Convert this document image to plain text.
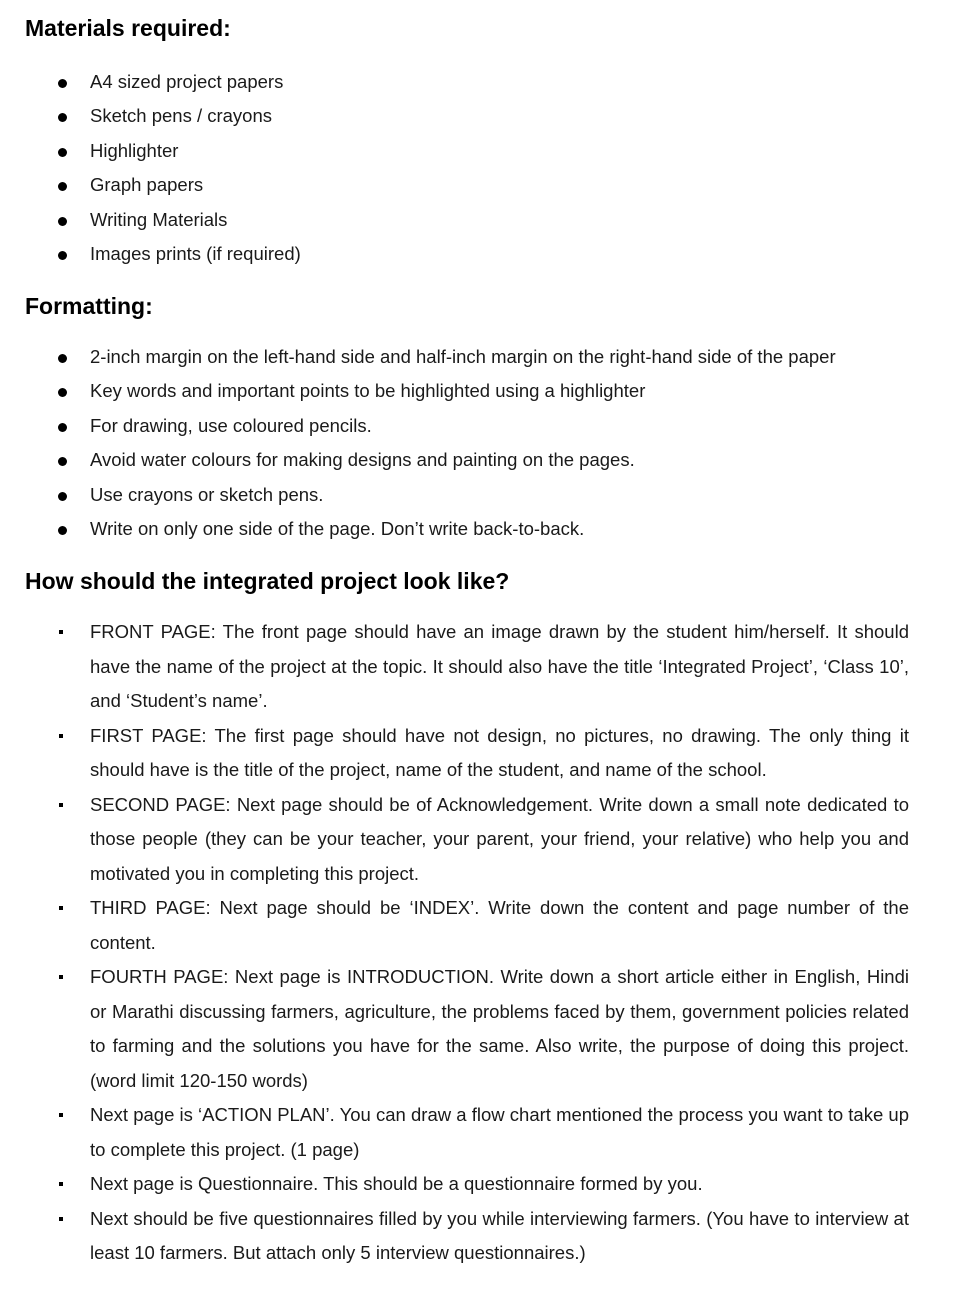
Materials required:
A4 sized project papers
Sketch pens / crayons
Highlighter
Graph papers
Writing Materials
Images prints (if required)
Formatting:
2-inch margin on the left-hand side and half-inch margin on the right-hand side of the paper
Key words and important points to be highlighted using a highlighter
For drawing, use coloured pencils.
Avoid water colours for making designs and painting on the pages.
Use crayons or sketch pens.
Write on only one side of the page. Don’t write back-to-back.
How should the integrated project look like?
FRONT PAGE: The front page should have an image drawn by the student him/herself. It should have the name of the project at the topic. It should also have the title ‘Integrated Project’, ‘Class 10’, and ‘Student’s name’.
FIRST PAGE: The first page should have not design, no pictures, no drawing. The only thing it should have is the title of the project, name of the student, and name of the school.
SECOND PAGE: Next page should be of Acknowledgement. Write down a small note dedicated to those people (they can be your teacher, your parent, your friend, your relative) who help you and motivated you in completing this project.
THIRD PAGE: Next page should be ‘INDEX’. Write down the content and page number of the content.
FOURTH PAGE: Next page is INTRODUCTION. Write down a short article either in English, Hindi or Marathi discussing farmers, agriculture, the problems faced by them, government policies related to farming and the solutions you have for the same. Also write, the purpose of doing this project. (word limit 120-150 words)
Next page is ‘ACTION PLAN’. You can draw a flow chart mentioned the process you want to take up to complete this project. (1 page)
Next page is Questionnaire. This should be a questionnaire formed by you.
Next should be five questionnaires filled by you while interviewing farmers. (You have to interview at least 10 farmers. But attach only 5 interview questionnaires.)
